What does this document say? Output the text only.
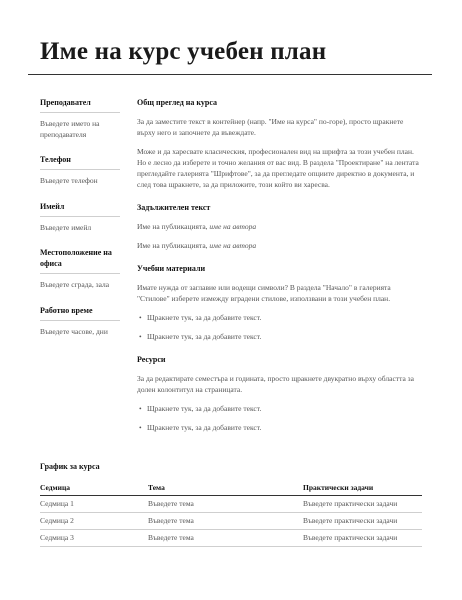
Име на курс учебен план
Преподавател
Въведете името на преподавателя
Телефон
Въведете телефон
Имейл
Въведете имейл
Местоположение на офиса
Въведете сграда, зала
Работно време
Въведете часове, дни
Общ преглед на курса
За да заместите текст в контейнер (напр. "Име на курса" по-горе), просто щракнете върху него и започнете да въвеждате.
Може и да харесвате класическия, професионален вид на шрифта за този учебен план. Но е лесно да изберете и точно желания от вас вид. В раздела "Проектиране" на лентата прегледайте галерията "Шрифтове", за да прегледате опциите директно в документа, и след това щракнете, за да приложите, този който ви харесва.
Задължителен текст
Име на публикацията, име на автора
Име на публикацията, име на автора
Учебни материали
Имате нужда от заглавие или водещи символи? В раздела "Начало" в галерията "Стилове" изберете измежду вградени стилове, използвани в този учебен план.
• Щракнете тук, за да добавите текст.
• Щракнете тук, за да добавите текст.
Ресурси
За да редактирате семестъра и годината, просто щракнете двукратно върху областта за долен колонтитул на страницата.
• Щракнете тук, за да добавите текст.
• Щракнете тук, за да добавите текст.
График за курса
Седмица	Тема	Практически задачи
Седмица 1	Въведете тема	Въведете практически задачи
Седмица 2	Въведете тема	Въведете практически задачи
Седмица 3	Въведете тема	Въведете практически задачи
